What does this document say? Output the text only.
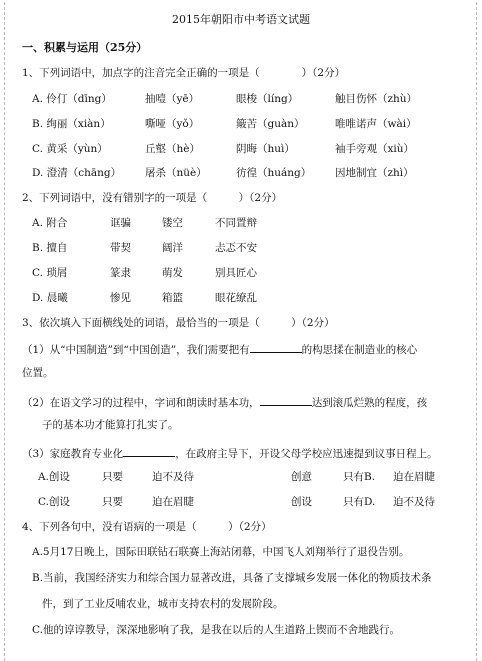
2015年朝阳市中考语文试题
一、积累与运用（25分）
1、下列词语中，加点字的注音完全正确的一项是（　　　　）（2分）
A. 伶仃（dīng）	抽噎（yē）	眼梭（líng）	触目伤怀（zhù）
B. 绚丽（xiàn）	嘶哑（yǒ）	簸苦（guàn）	唯唯诺声（wài）
C. 黄采（yùn）	丘壑（hè）	阴晦（huì）	袖手旁观（xiù）
D. 澄清（chāng） 屠杀（nüè）	彷徨（huáng） 因地制宜（zhì）
2、下列词语中，没有错别字的一项是（　　　）（2分）
A. 附合	诓骗	镂空	不同置辩
B. 擅自	带契	阔洋	忐忑不安
C. 琐屑	篆隶	萌发	别具匠心
D. 晨曦	惨见	箱篮	眼花缭乱
3、依次填入下面横线处的词语，最恰当的一项是（　　　）（2分）
（1）从“中国制造”到“中国创造”，我们需要把有	的构思揉在制造业的核心
位置。
（2）在语文学习的过程中，字词和朗读时基本功，	达到滚瓜烂熟的程度，孩
子的基本功才能算打扎实了。
（3）家庭教育专业化	，在政府主导下，开设父母学校应迅速提到议事日程上。
A.创设	只要	迫不及待	创意	只有B. 迫在眉睫
C.创设	只要	迫在眉睫	创设	只有D. 迫不及待
4、下列各句中，没有语病的一项是（　　　）（2分）
A.5月17日晚上，国际田联钻石联赛上海站闭幕，中国飞人刘翔举行了退役告别。
B.当前，我国经济实力和综合国力显著改进，具备了支撑城乡发展一体化的物质技术条
件，到了工业反哺农业，城市支持农村的发展阶段。
C.他的谆谆教导，深深地影响了我，是我在以后的人生道路上锲而不舍地践行。
